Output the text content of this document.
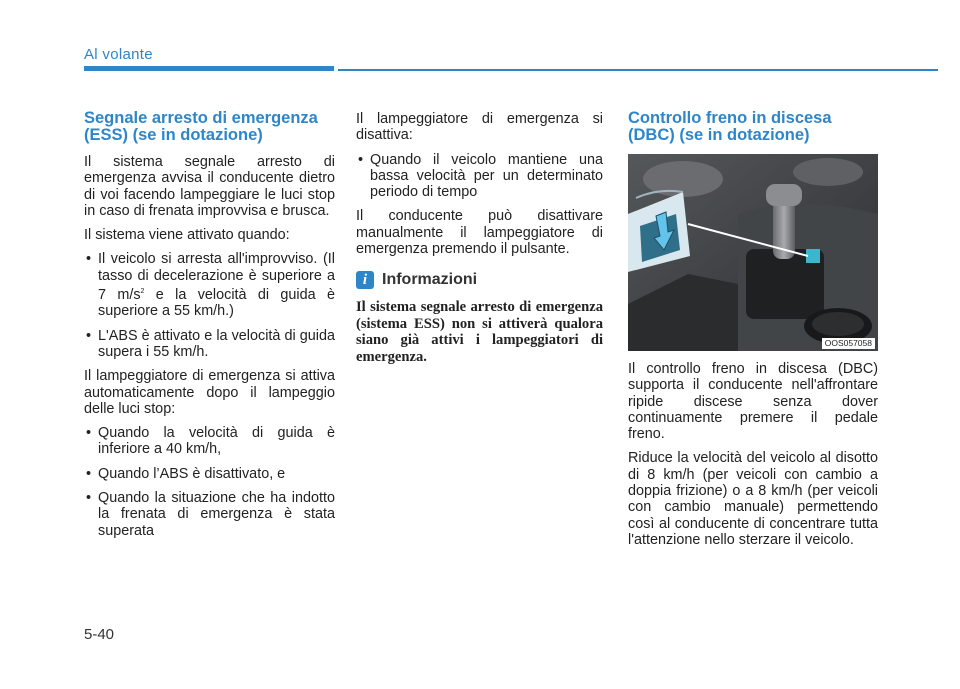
Al volante
Segnale arresto di emergenza (ESS) (se in dotazione)

Il sistema segnale arresto di emergenza avvisa il conducente dietro di voi facendo lampeggiare le luci stop in caso di frenata improvvisa e brusca.

Il sistema viene attivato quando:

• Il veicolo si arresta all'improvviso. (Il tasso di decelerazione è superiore a 7 $m/s^2$ e la velocità di guida è superiore a 55 km/h.)
• L'ABS è attivato e la velocità di guida supera i 55 km/h.

Il lampeggiatore di emergenza si attiva automaticamente dopo il lampeggio delle luci stop:

• Quando la velocità di guida è inferiore a 40 km/h,
• Quando l’ABS è disattivato, e
• Quando la situazione che ha indotto la frenata di emergenza è stata superata

Il lampeggiatore di emergenza si disattiva:

• Quando il veicolo mantiene una bassa velocità per un determinato periodo di tempo

Il conducente può disattivare manualmente il lampeggiatore di emergenza premendo il pulsante.

i Informazioni

Il sistema segnale arresto di emergenza (sistema ESS) non si attiverà qualora siano già attivi i lampeggiatori di emergenza.

Controllo freno in discesa (DBC) (se in dotazione)
OOS057058

Il controllo freno in discesa (DBC) supporta il conducente nell'affrontare ripide discese senza dover continuamente premere il pedale freno.

Riduce la velocità del veicolo al disotto di 8 km/h (per veicoli con cambio a doppia frizione) o a 8 km/h (per veicoli con cambio manuale) permettendo così al conducente di concentrare tutta l'attenzione nello sterzare il veicolo.

5-40
